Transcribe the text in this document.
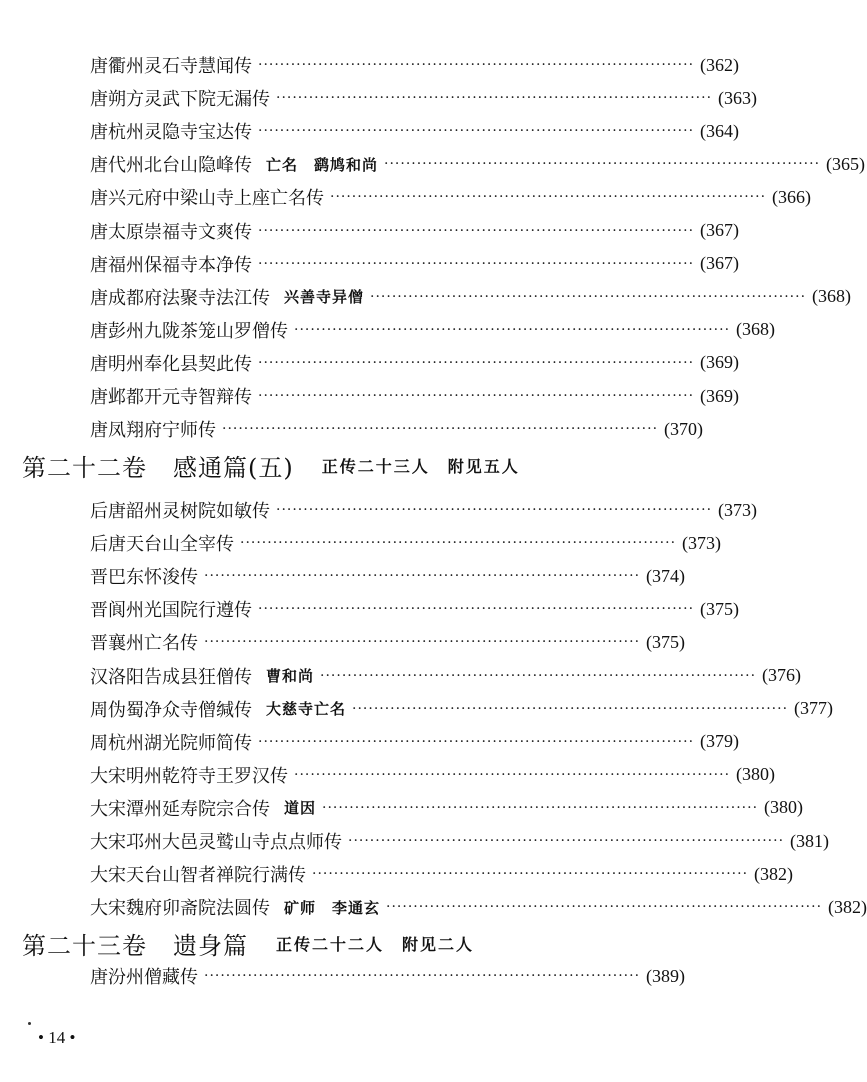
唐衢州灵石寺慧闻传 ················································································ (362)
唐朔方灵武下院无漏传 ················································································ (363)
唐杭州灵隐寺宝达传 ················································································ (364)
唐代州北台山隐峰传 亡名　鹞鸠和尚 ················································································ (365)
唐兴元府中梁山寺上座亡名传 ················································································ (366)
唐太原崇福寺文爽传 ················································································ (367)
唐福州保福寺本净传 ················································································ (367)
唐成都府法聚寺法江传 兴善寺异僧 ················································································ (368)
唐彭州九陇茶笼山罗僧传 ················································································ (368)
唐明州奉化县契此传 ················································································ (369)
唐邺都开元寺智辩传 ················································································ (369)
唐凤翔府宁师传 ················································································ (370)
第二十二卷 感通篇(五) 正传二十三人　附见五人
后唐韶州灵树院如敏传 ················································································ (373)
后唐天台山全宰传 ················································································ (373)
晋巴东怀浚传 ················································································ (374)
晋阆州光国院行遵传 ················································································ (375)
晋襄州亡名传 ················································································ (375)
汉洛阳告成县狂僧传 曹和尚 ················································································ (376)
周伪蜀净众寺僧缄传 大慈寺亡名 ················································································ (377)
周杭州湖光院师简传 ················································································ (379)
大宋明州乾符寺王罗汉传 ················································································ (380)
大宋潭州延寿院宗合传 道因 ················································································ (380)
大宋邛州大邑灵鹫山寺点点师传 ················································································ (381)
大宋天台山智者禅院行满传 ················································································ (382)
大宋魏府卯斋院法圆传 矿师　李通玄 ················································································ (382)
第二十三卷 遗身篇 正传二十二人　附见二人
唐汾州僧藏传 ················································································ (389)
• 14 •
